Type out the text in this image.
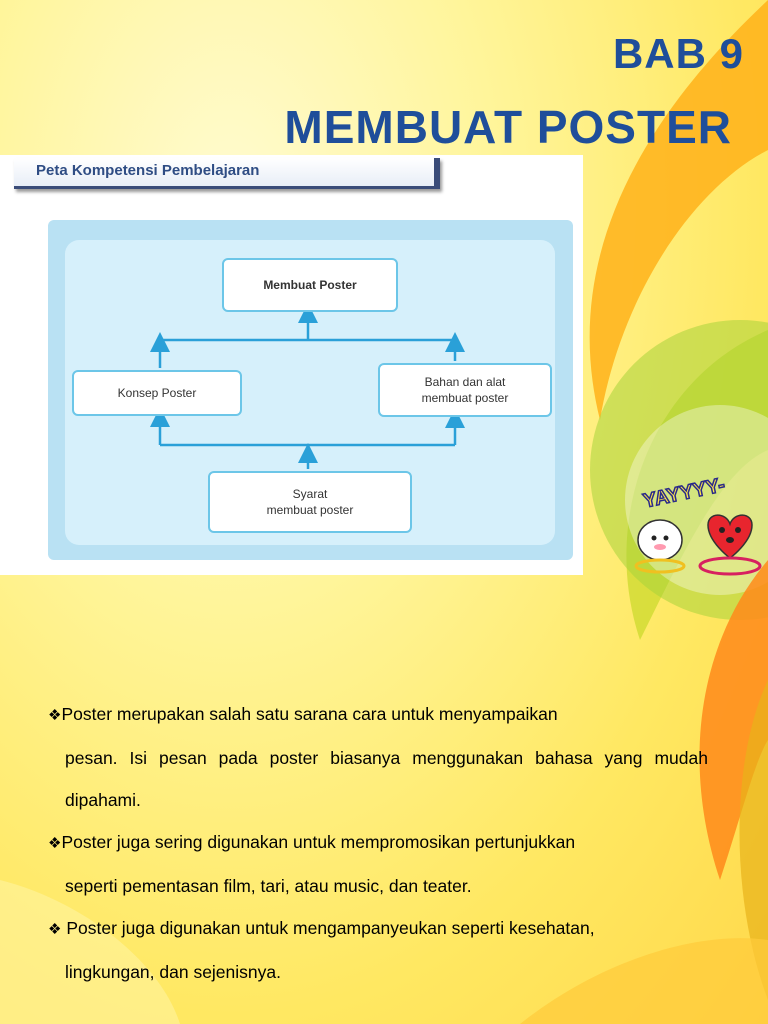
BAB 9
MEMBUAT POSTER
Peta Kompetensi Pembelajaran
Membuat Poster
Konsep Poster
Bahan dan alat
membuat poster
Syarat
membuat poster	YAYYYY-
❖Poster merupakan salah satu sarana cara untuk menyampaikan
pesan. Isi pesan pada poster biasanya menggunakan bahasa yang mudah dipahami.
❖Poster juga sering digunakan untuk mempromosikan pertunjukkan
seperti pementasan film, tari, atau music, dan teater.
❖ Poster juga digunakan untuk mengampanyeukan seperti kesehatan,
lingkungan, dan sejenisnya.
